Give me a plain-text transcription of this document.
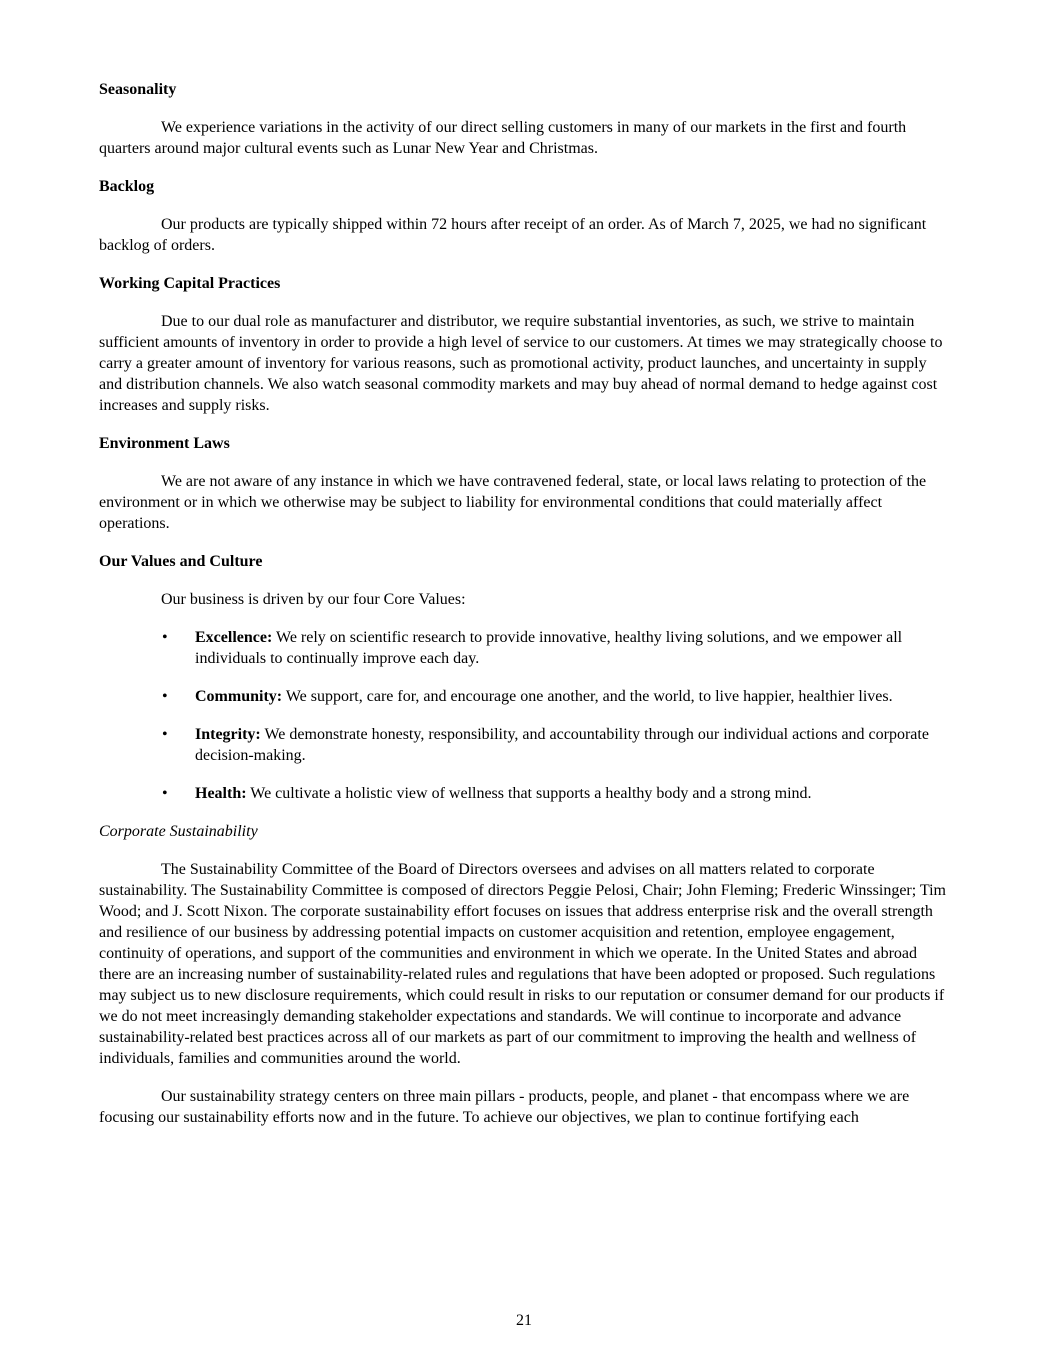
Seasonality

We experience variations in the activity of our direct selling customers in many of our markets in the first and fourth quarters around major cultural events such as Lunar New Year and Christmas.

Backlog

Our products are typically shipped within 72 hours after receipt of an order. As of March 7, 2025, we had no significant backlog of orders.

Working Capital Practices

Due to our dual role as manufacturer and distributor, we require substantial inventories, as such, we strive to maintain sufficient amounts of inventory in order to provide a high level of service to our customers. At times we may strategically choose to carry a greater amount of inventory for various reasons, such as promotional activity, product launches, and uncertainty in supply and distribution channels. We also watch seasonal commodity markets and may buy ahead of normal demand to hedge against cost increases and supply risks.

Environment Laws

We are not aware of any instance in which we have contravened federal, state, or local laws relating to protection of the environment or in which we otherwise may be subject to liability for environmental conditions that could materially affect operations.

Our Values and Culture

Our business is driven by our four Core Values:

• Excellence: We rely on scientific research to provide innovative, healthy living solutions, and we empower all individuals to continually improve each day.
• Community: We support, care for, and encourage one another, and the world, to live happier, healthier lives.
• Integrity: We demonstrate honesty, responsibility, and accountability through our individual actions and corporate decision-making.
• Health: We cultivate a holistic view of wellness that supports a healthy body and a strong mind.
Corporate Sustainability

The Sustainability Committee of the Board of Directors oversees and advises on all matters related to corporate sustainability. The Sustainability Committee is composed of directors Peggie Pelosi, Chair; John Fleming; Frederic Winssinger; Tim Wood; and J. Scott Nixon. The corporate sustainability effort focuses on issues that address enterprise risk and the overall strength and resilience of our business by addressing potential impacts on customer acquisition and retention, employee engagement, continuity of operations, and support of the communities and environment in which we operate. In the United States and abroad there are an increasing number of sustainability-related rules and regulations that have been adopted or proposed. Such regulations may subject us to new disclosure requirements, which could result in risks to our reputation or consumer demand for our products if we do not meet increasingly demanding stakeholder expectations and standards. We will continue to incorporate and advance sustainability-related best practices across all of our markets as part of our commitment to improving the health and wellness of individuals, families and communities around the world.

Our sustainability strategy centers on three main pillars - products, people, and planet - that encompass where we are focusing our sustainability efforts now and in the future. To achieve our objectives, we plan to continue fortifying each

21
